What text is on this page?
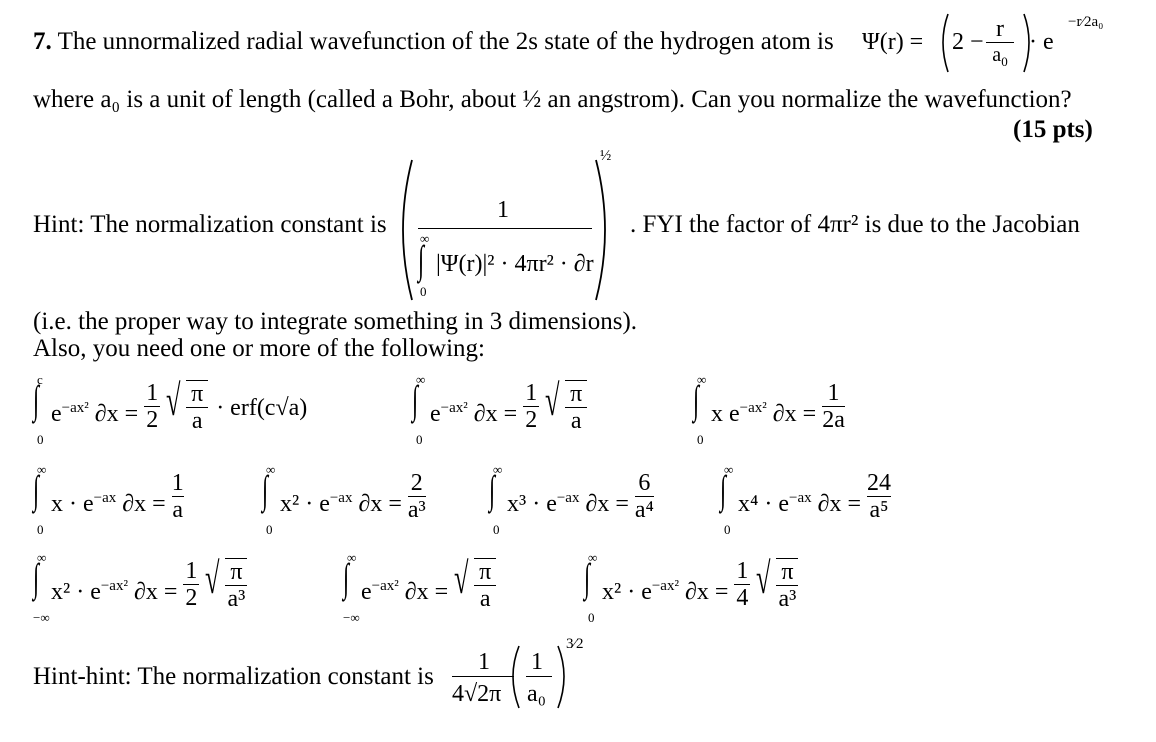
7. The unnormalized radial wavefunction of the 2s state of the hydrogen atom is Ψ(r) = 2 − r
$a_0$
· e
−r⁄2a₀
where a₀ is a unit of length (called a Bohr, about ½ an angstrom). Can you normalize the wavefunction?
(15 pts)
Hint: The normalization constant is
1
∞
∫
0
|Ψ(r)|² · 4πr² · ∂r
½
. FYI the factor of 4πr² is due to the Jacobian
(i.e. the proper way to integrate something in 3 dimensions).
Also, you need one or more of the following:
c
∫
0
$e^{-ax^2}$ $\partial x = \frac{1}{2}$ √ $\frac{\pi}{a} \cdot erf(c√a)$
∞
∫
0
$e^{-ax^2}$ $\partial x = \frac{1}{2}$ √ $\frac{\pi}{a}$
∞
∫
0
x $e^{-ax^2}$ $\partial x = \frac{1}{2a}$
∞
∫
0
$x \cdot e^{-ax}$ $\partial x = \frac{1}{a}$
∞
∫
0
$x^2 \cdot e^{-ax}$ $\partial x = \frac{2}{\text{a³}}$
∞
∫
0
$x^3 \cdot e^{-ax}$ $\partial x = \frac{6}{\text{a⁴}}$
∞
∫
0
$x^4 \cdot e^{-ax}$ $\partial x = \frac{24}{\text{a⁵}}$
∞
∫
−∞
$x^2 \cdot e^{-ax^2}$ $\partial x = \frac{1}{2}$ √ $\frac{\pi}{\text{a³}}$
∞
∫
−∞
$e^{-ax^2}$ ∂x = √ $\frac{\pi}{a}$
∞
∫
0
$x^2 \cdot e^{-ax^2}$ $\partial x = \frac{1}{4}$ √ $\frac{\pi}{\text{a³}}$
Hint-hint: The normalization constant is
1
4√2π
1
a₀
3⁄2
